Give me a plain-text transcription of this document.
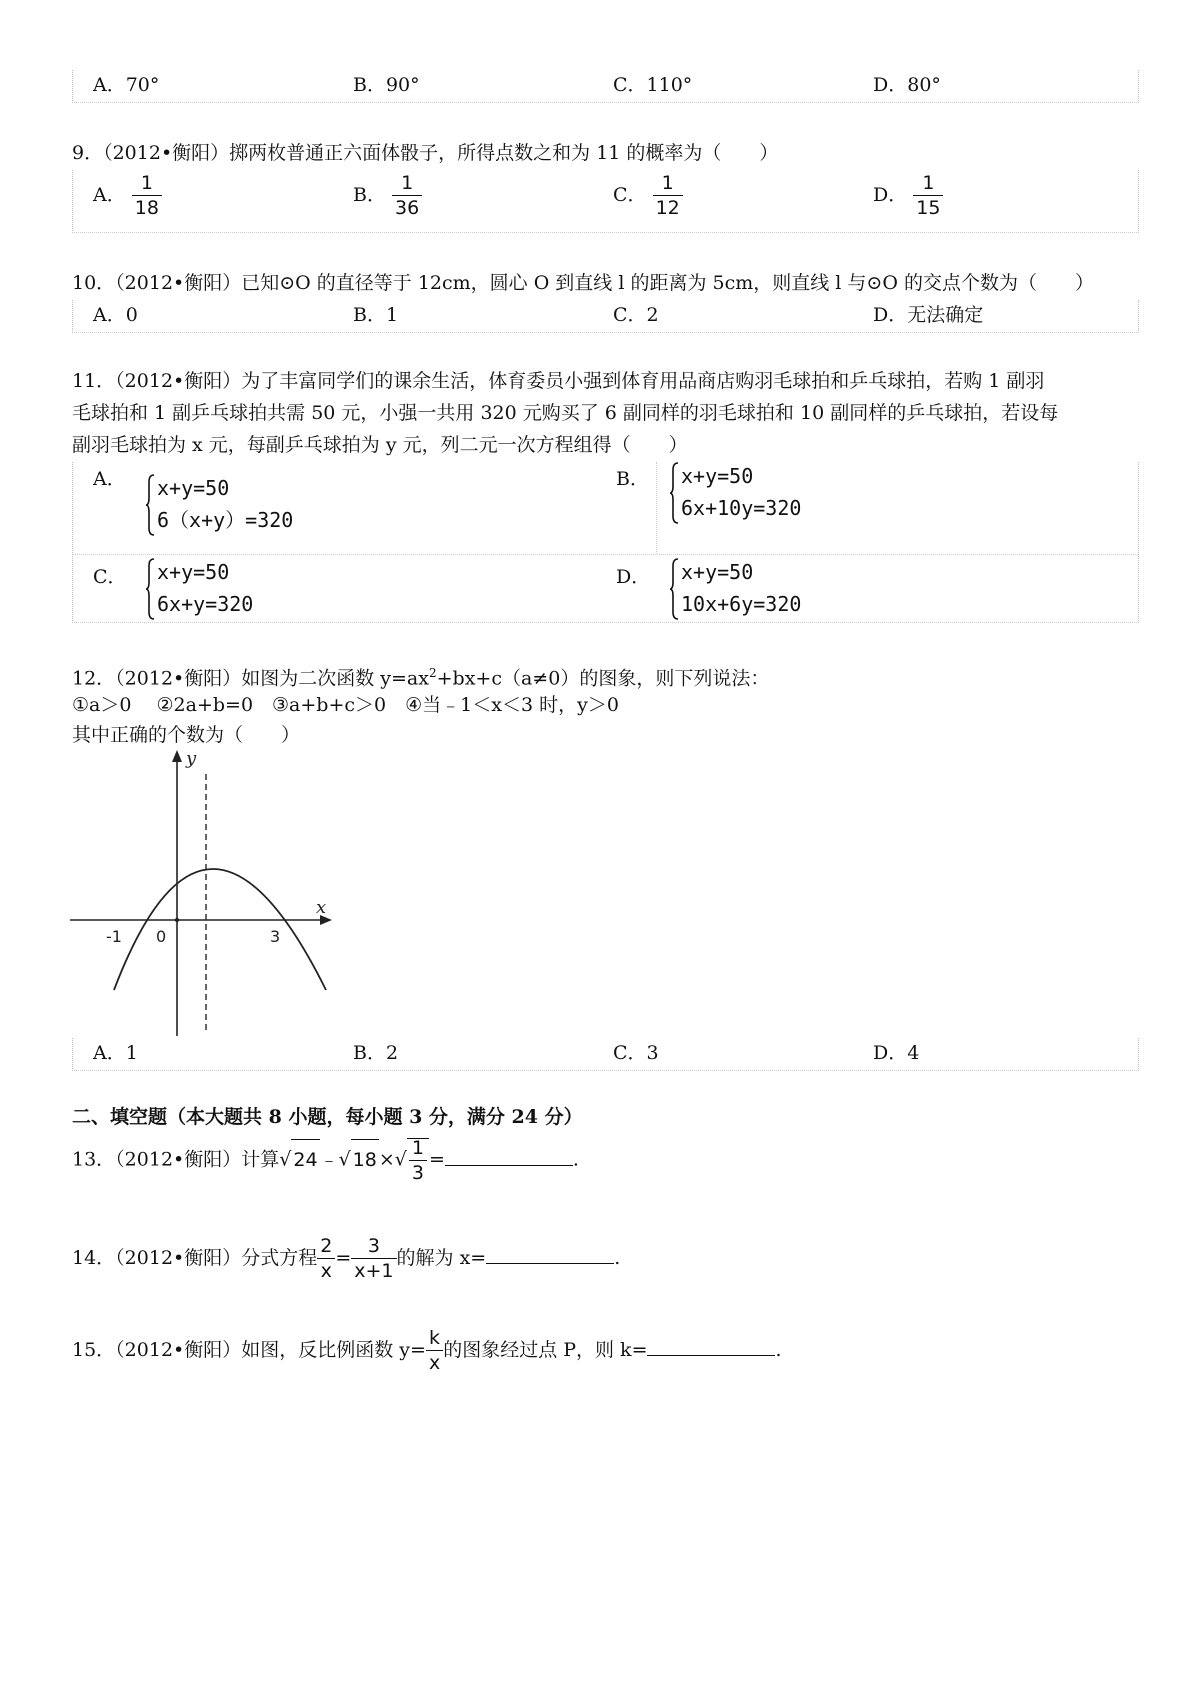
A．70°	B．90°	C．110°	D．80°
9．（2012•衡阳）掷两枚普通正六面体骰子，所得点数之和为 11 的概率为（　　）
A． $\frac{1}{18}$	B． $\frac{1}{36}$	C． $\frac{1}{12}$	D． $\frac{1}{15}$
10．（2012•衡阳）已知⊙O 的直径等于 12cm，圆心 O 到直线 l 的距离为 5cm，则直线 l 与⊙O 的交点个数为（　　）
A．0	B．1	C．2	D．无法确定
11．（2012•衡阳）为了丰富同学们的课余生活，体育委员小强到体育用品商店购羽毛球拍和乒乓球拍，若购 1 副羽
毛球拍和 1 副乒乓球拍共需 50 元，小强一共用 320 元购买了 6 副同样的羽毛球拍和 10 副同样的乒乓球拍，若设每
副羽毛球拍为 x 元，每副乒乓球拍为 y 元，列二元一次方程组得（　　）
A． x+y=50
6（x+y）=320
B． x+y=50
6x+10y=320
C． x+y=50
6x+y=320
D． x+y=50
10x+6y=320
12．（2012•衡阳）如图为二次函数 $y=ax^2+bx+c(a\ne 0)$的图象，则下列说法：
①a＞0　 ②2a+b=0　③a+b+c＞0　④当﹣1＜x＜3 时，y＞0
其中正确的个数为（　　）
y
x
-1 0	3
A．1	B．2	C．3	D．4
二、填空题（本大题共 8 小题，每小题 3 分，满分 24 分）
13．（2012•衡阳）计算√ 24 ﹣√ 18 ×√ $\frac{1}{3}$ =	.
14．（2012•衡阳）分式方程 $\frac{2}{x} = \frac{3}{x+1}$ 的解为 x=	.
15．（2012•衡阳）如图，反比例函数 $y= \frac{k}{x}$ 的图象经过点 P，则 k=	.
